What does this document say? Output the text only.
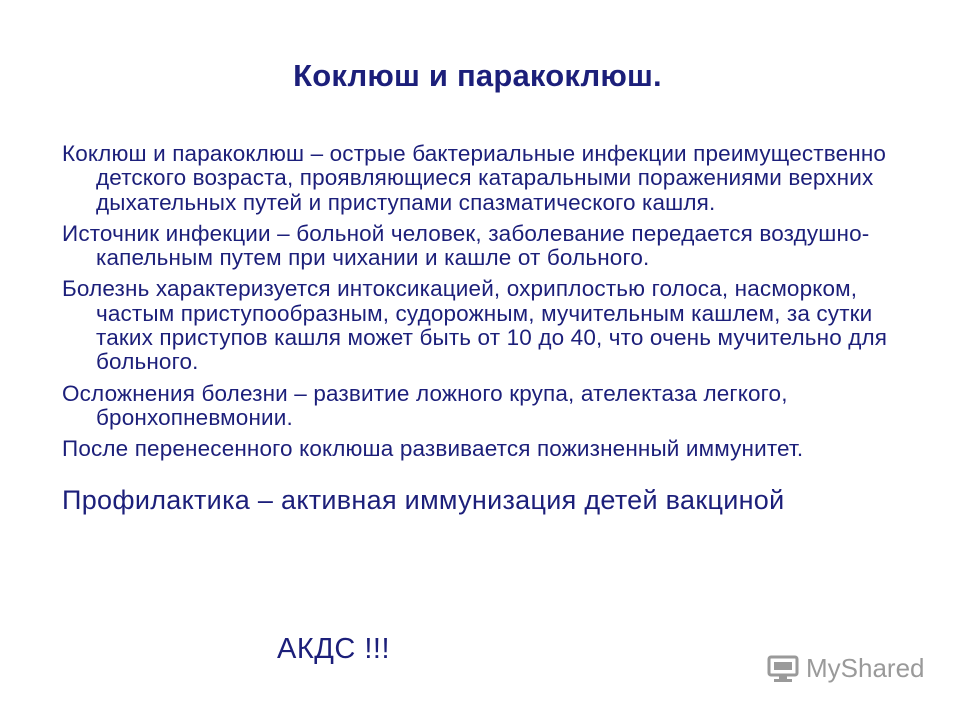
Коклюш и паракоклюш.

Коклюш и паракоклюш – острые бактериальные инфекции преимущественно детского возраста, проявляющиеся катаральными поражениями верхних дыхательных путей и приступами спазматического кашля.

Источник инфекции – больной человек, заболевание передается воздушно-капельным путем при чихании и кашле от больного.

Болезнь характеризуется интоксикацией, охриплостью голоса, насморком, частым приступообразным, судорожным, мучительным кашлем, за сутки таких приступов кашля может быть от 10 до 40, что очень мучительно для больного.

Осложнения болезни – развитие ложного крупа, ателектаза легкого, бронхопневмонии.

После перенесенного коклюша развивается пожизненный иммунитет.

Профилактика – активная иммунизация детей вакциной

АКДС !!!
MyShared
